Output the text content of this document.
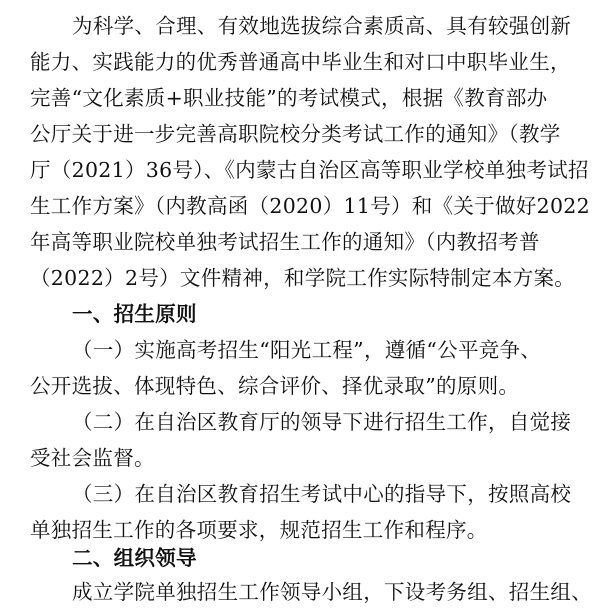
为科学、合理、有效地选拔综合素质高、具有较强创新
能力、实践能力的优秀普通高中毕业生和对口中职毕业生，
完善“文化素质+职业技能”的考试模式，根据《教育部办
公厅关于进一步完善高职院校分类考试工作的通知》（教学
厅（2021）36号）、《内蒙古自治区高等职业学校单独考试招
生工作方案》（内教高函（2020）11号）和《关于做好2022
年高等职业院校单独考试招生工作的通知》（内教招考普
（2022）2号）文件精神，和学院工作实际特制定本方案。
一、招生原则
（一）实施高考招生“阳光工程”，遵循“公平竞争、
公开选拔、体现特色、综合评价、择优录取”的原则。
（二）在自治区教育厅的领导下进行招生工作，自觉接
受社会监督。
（三）在自治区教育招生考试中心的指导下，按照高校
单独招生工作的各项要求，规范招生工作和程序。
二、组织领导
成立学院单独招生工作领导小组，下设考务组、招生组、
